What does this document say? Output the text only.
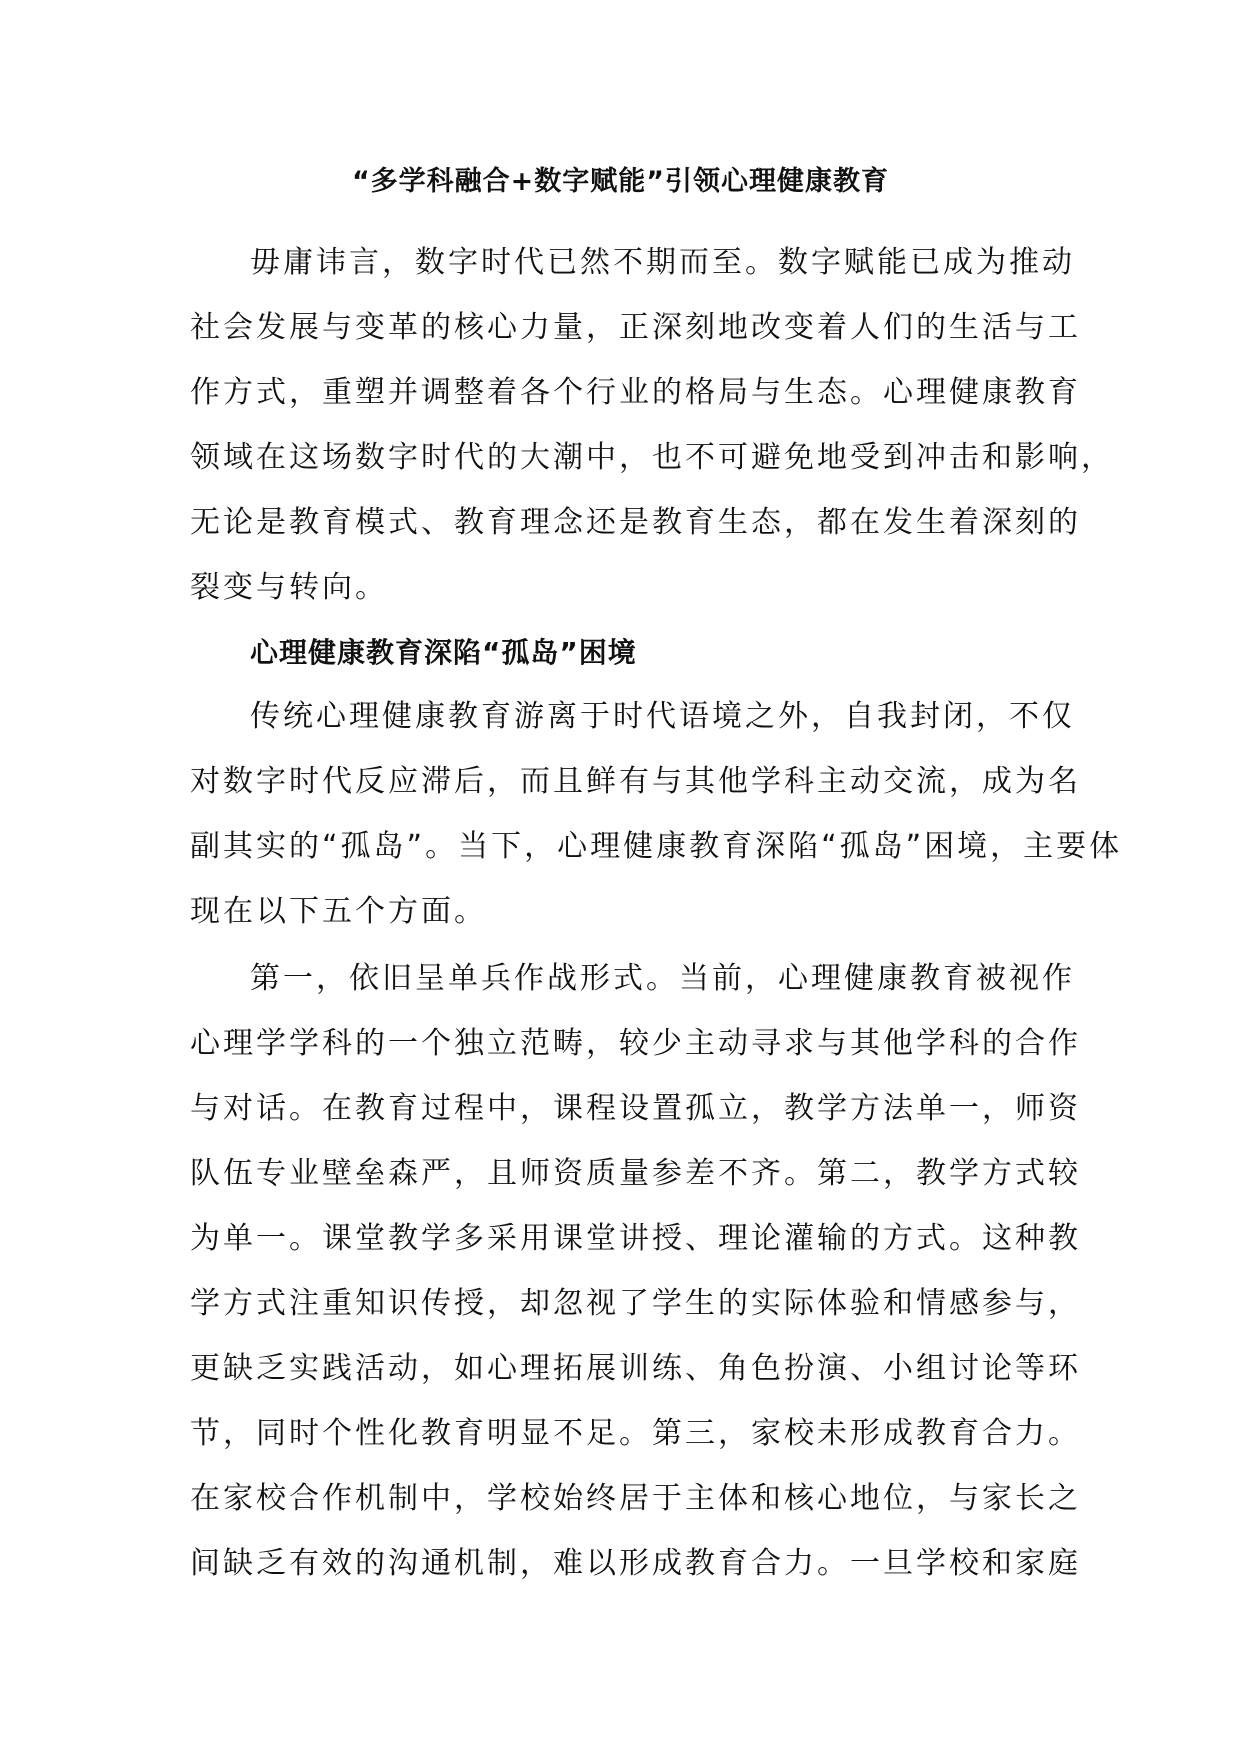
“多学科融合+数字赋能”引领心理健康教育
毋庸讳言，数字时代已然不期而至。数字赋能已成为推动
社会发展与变革的核心力量，正深刻地改变着人们的生活与工
作方式，重塑并调整着各个行业的格局与生态。心理健康教育
领域在这场数字时代的大潮中，也不可避免地受到冲击和影响，
无论是教育模式、教育理念还是教育生态，都在发生着深刻的
裂变与转向。
心理健康教育深陷“孤岛”困境
传统心理健康教育游离于时代语境之外，自我封闭，不仅
对数字时代反应滞后，而且鲜有与其他学科主动交流，成为名
副其实的“孤岛”。当下，心理健康教育深陷“孤岛”困境，主要体
现在以下五个方面。
第一，依旧呈单兵作战形式。当前，心理健康教育被视作
心理学学科的一个独立范畴，较少主动寻求与其他学科的合作
与对话。在教育过程中，课程设置孤立，教学方法单一，师资
队伍专业壁垒森严，且师资质量参差不齐。第二，教学方式较
为单一。课堂教学多采用课堂讲授、理论灌输的方式。这种教
学方式注重知识传授，却忽视了学生的实际体验和情感参与，
更缺乏实践活动，如心理拓展训练、角色扮演、小组讨论等环
节，同时个性化教育明显不足。第三，家校未形成教育合力。
在家校合作机制中，学校始终居于主体和核心地位，与家长之
间缺乏有效的沟通机制，难以形成教育合力。一旦学校和家庭
